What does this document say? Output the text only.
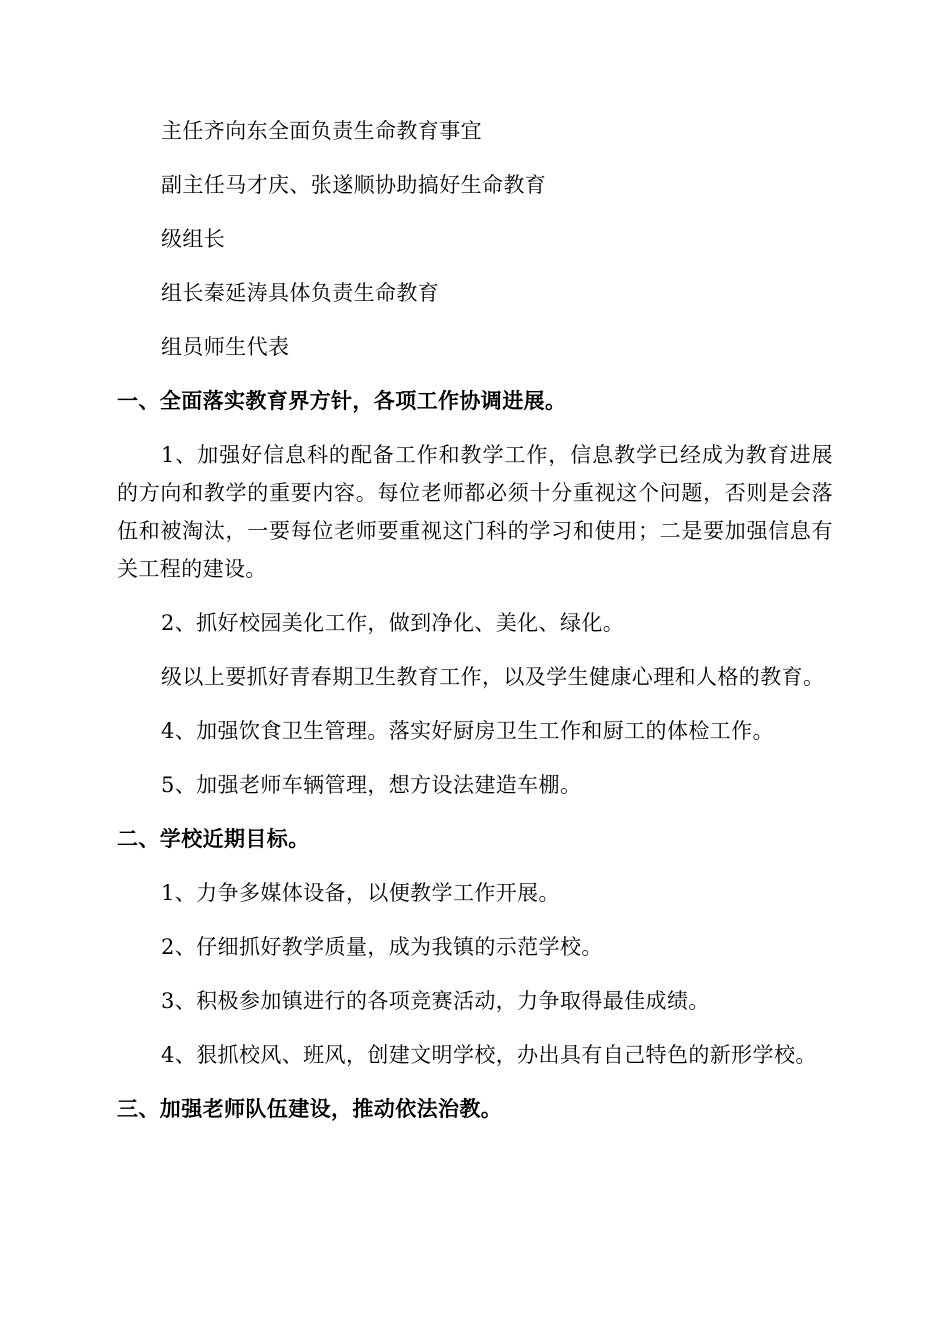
主任齐向东全面负责生命教育事宜

副主任马才庆、张遂顺协助搞好生命教育

级组长

组长秦延涛具体负责生命教育

组员师生代表

一、全面落实教育界方针，各项工作协调进展。

1、加强好信息科的配备工作和教学工作，信息教学已经成为教育进展的方向和教学的重要内容。每位老师都必须十分重视这个问题，否则是会落伍和被淘汰，一要每位老师要重视这门科的学习和使用；二是要加强信息有关工程的建设。

2、抓好校园美化工作，做到净化、美化、绿化。

级以上要抓好青春期卫生教育工作，以及学生健康心理和人格的教育。

4、加强饮食卫生管理。落实好厨房卫生工作和厨工的体检工作。

5、加强老师车辆管理，想方设法建造车棚。

二、学校近期目标。

1、力争多媒体设备，以便教学工作开展。

2、仔细抓好教学质量，成为我镇的示范学校。

3、积极参加镇进行的各项竞赛活动，力争取得最佳成绩。

4、狠抓校风、班风，创建文明学校，办出具有自己特色的新形学校。

三、加强老师队伍建设，推动依法治教。
